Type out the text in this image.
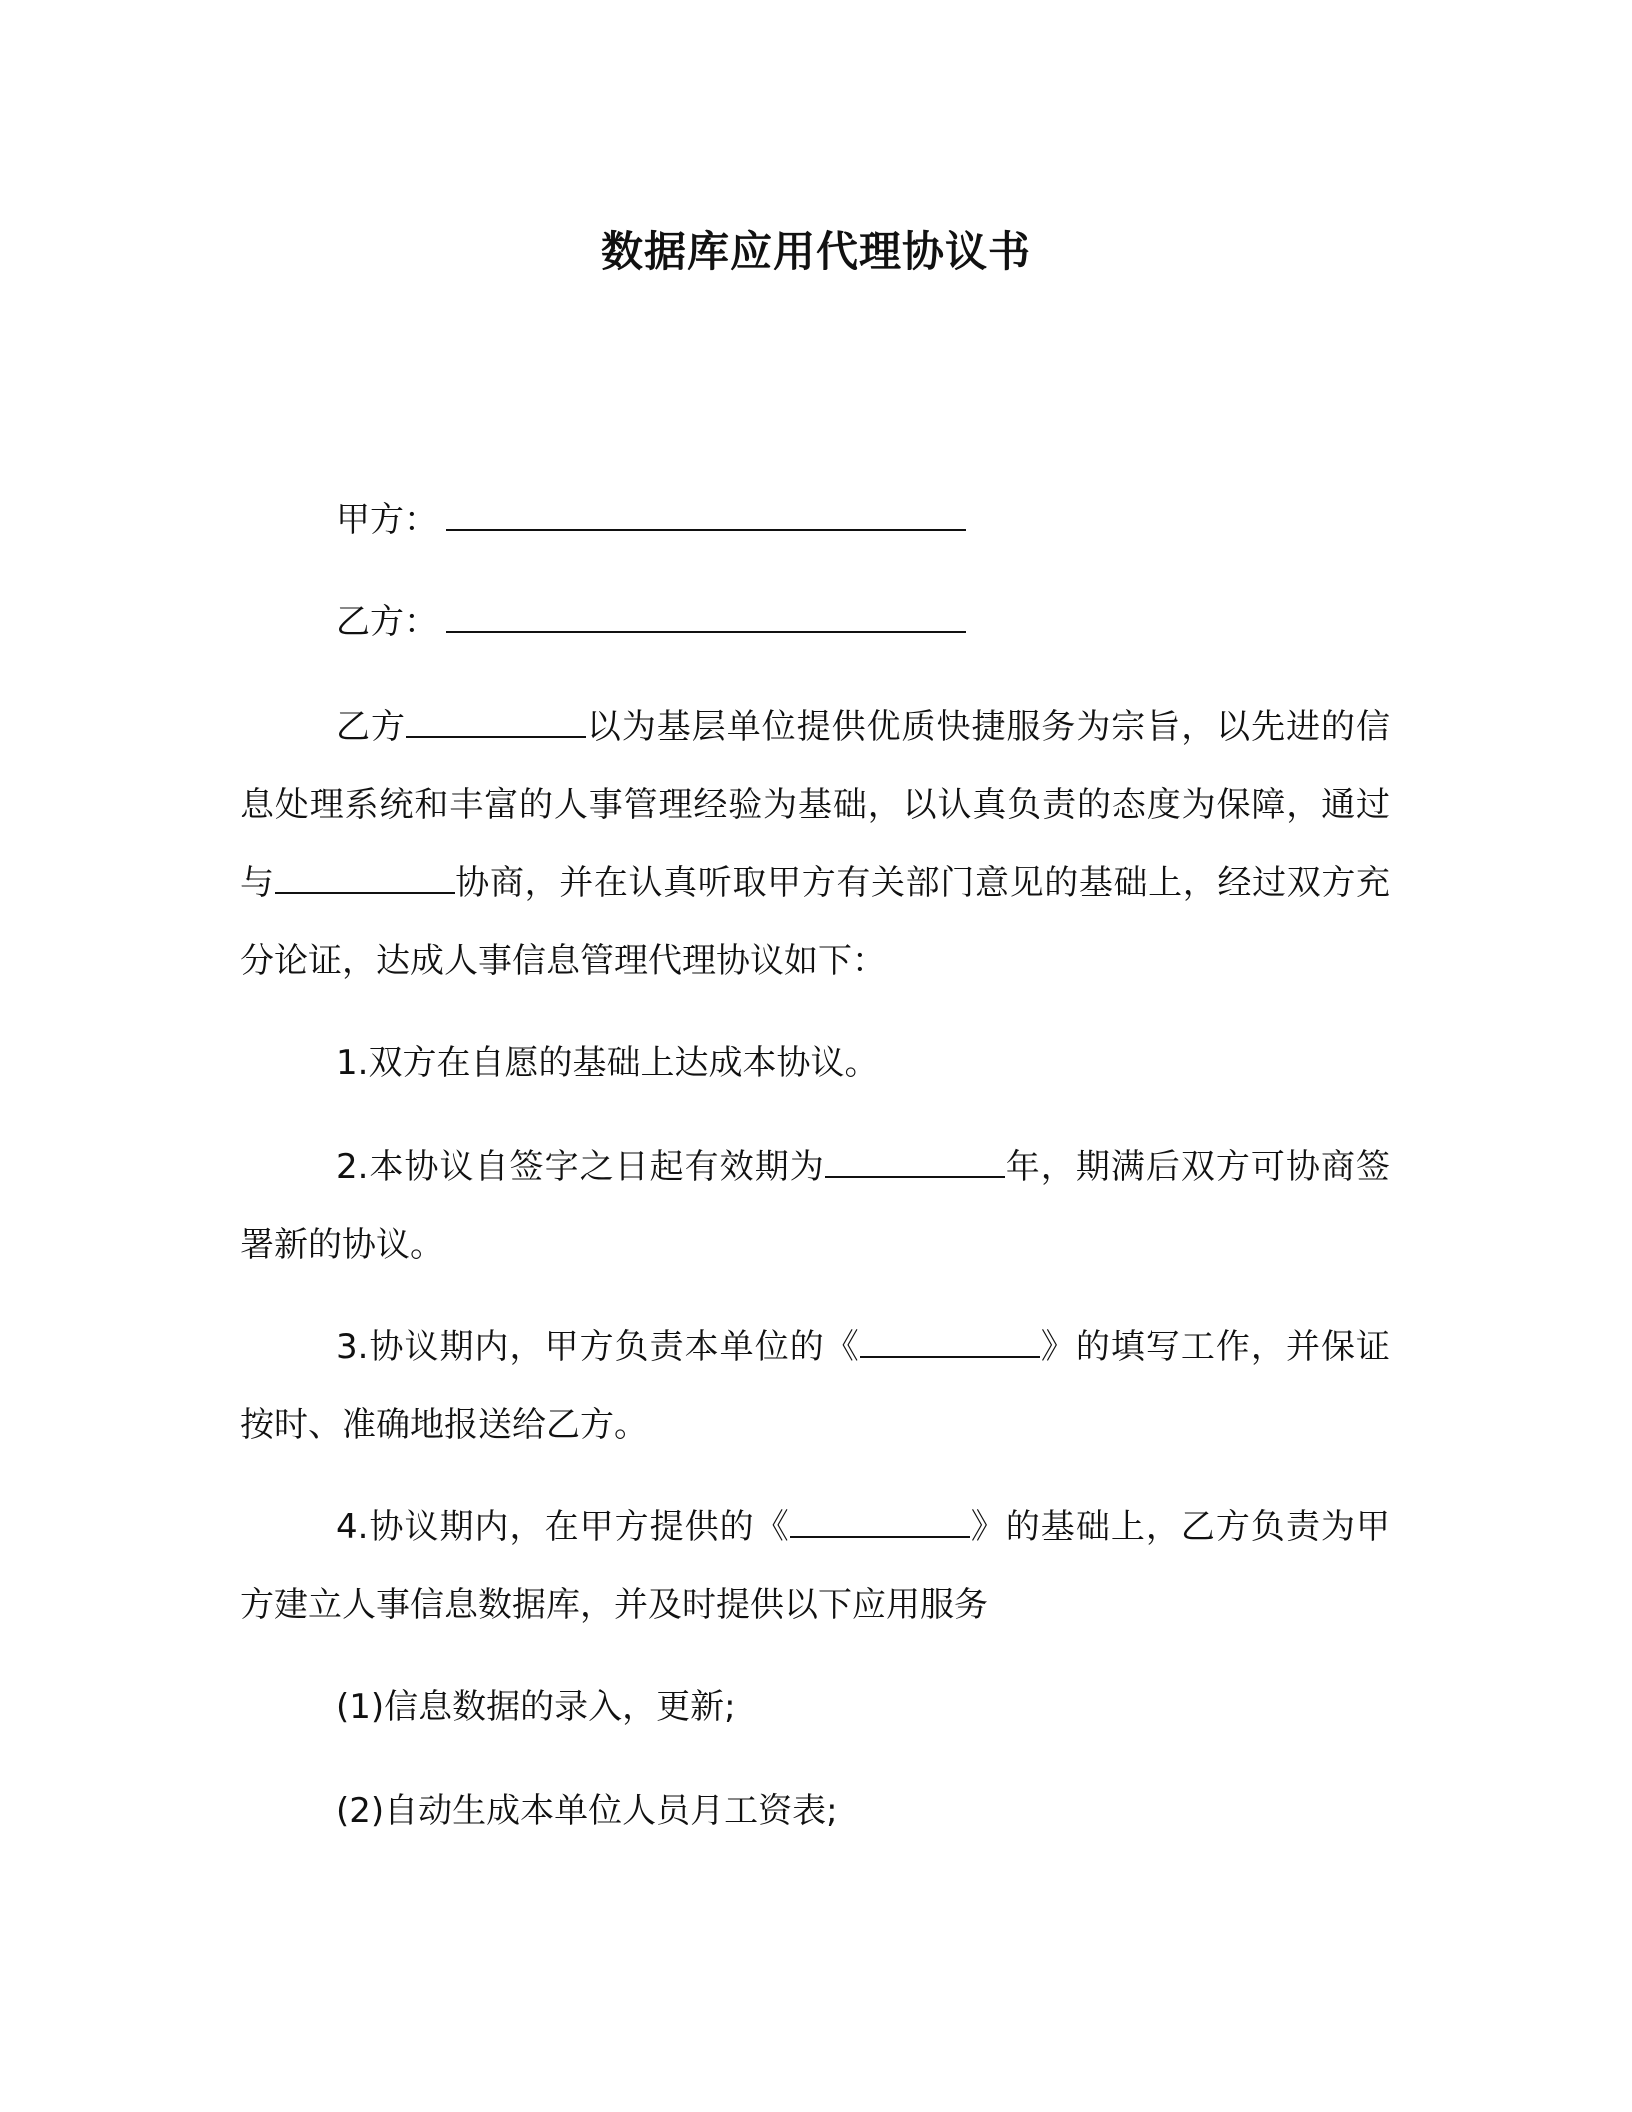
数据库应用代理协议书

甲方：

乙方：

乙方	以为基层单位提供优质快捷服务为宗旨，以先进的信息处理系统和丰富的人事管理经验为基础，以认真负责的态度为保障，通过与	协商，并在认真听取甲方有关部门意见的基础上，经过双方充分论证，达成人事信息管理代理协议如下：

1.双方在自愿的基础上达成本协议。

2.本协议自签字之日起有效期为	年，期满后双方可协商签署新的协议。

3.协议期内，甲方负责本单位的《	》的填写工作，并保证按时、准确地报送给乙方。

4.协议期内，在甲方提供的《	》的基础上，乙方负责为甲方建立人事信息数据库，并及时提供以下应用服务

(1)信息数据的录入，更新;

(2)自动生成本单位人员月工资表;
